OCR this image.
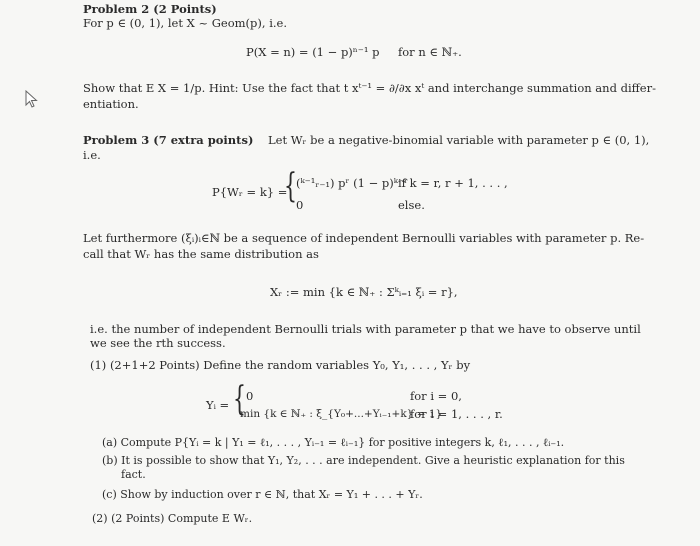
Problem 2 (2 Points)
For p ∈ (0, 1), let X ~ Geom(p), i.e.
P(X = n) = (1 − p)ⁿ⁻¹ p for n ∈ ℕ₊.
Show that E X = 1/p. Hint: Use the fact that t xᵗ⁻¹ = ∂/∂x xᵗ and interchange summation and differ-
entiation.
Problem 3 (7 extra points) Let Wᵣ be a negative-binomial variable with parameter p ∈ (0, 1),
i.e.
P{Wᵣ = k} =
{ (ᵏ⁻¹ᵣ₋₁) pʳ (1 − p)ᵏ⁻ʳ
if k = r, r + 1, . . . ,
0	else.
Let furthermore (ξᵢ)ᵢ∈ℕ be a sequence of independent Bernoulli variables with parameter p. Re-
call that Wᵣ has the same distribution as
Xᵣ := min {k ∈ ℕ₊ : Σᵏᵢ₌₁ ξᵢ = r},
i.e. the number of independent Bernoulli trials with parameter p that we have to observe until
we see the rth success.
(1) (2+1+2 Points) Define the random variables Y₀, Y₁, . . . , Yᵣ by
Yᵢ = { 0	for i = 0,
min {k ∈ ℕ₊ : ξ_{Y₀+...+Yᵢ₋₁+k} = 1}
for i = 1, . . . , r.
(a) Compute P{Yᵢ = k | Y₁ = ℓ₁, . . . , Yᵢ₋₁ = ℓᵢ₋₁} for positive integers k, ℓ₁, . . . , ℓᵢ₋₁.
(b) It is possible to show that Y₁, Y₂, . . . are independent. Give a heuristic explanation for this
fact.
(c) Show by induction over r ∈ ℕ, that Xᵣ = Y₁ + . . . + Yᵣ.
(2) (2 Points) Compute E Wᵣ.
